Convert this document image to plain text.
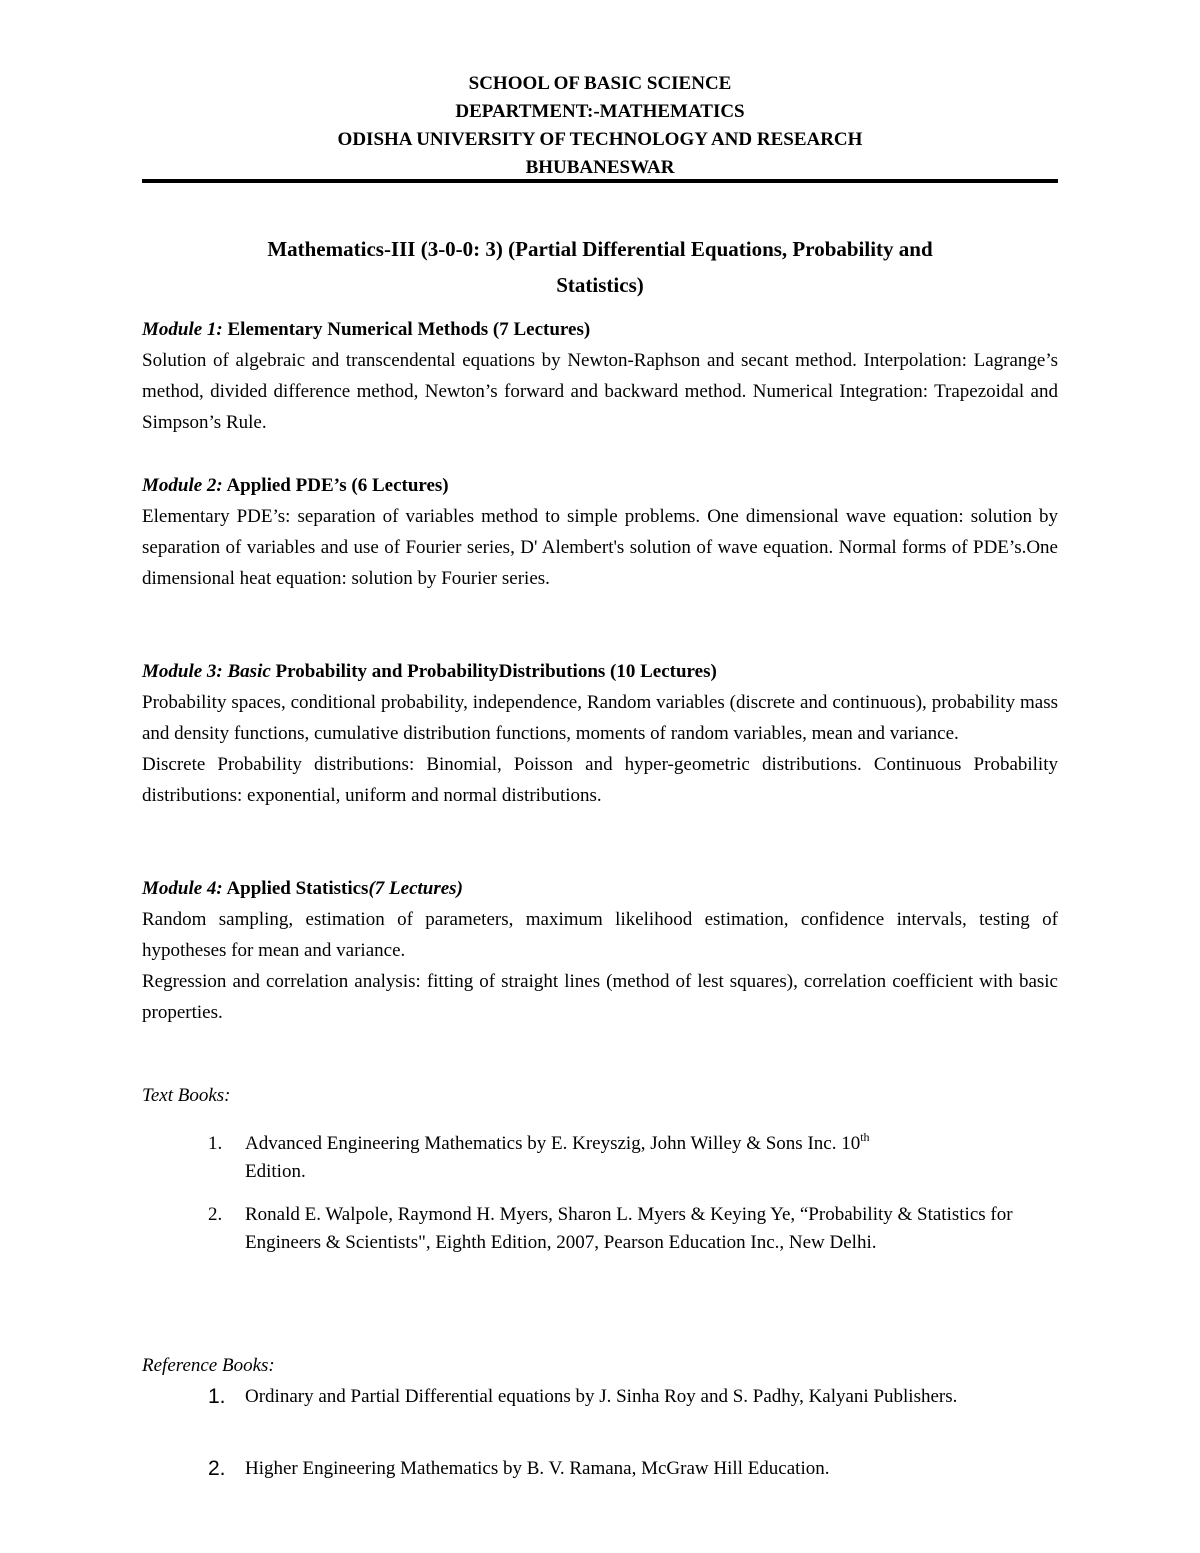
SCHOOL OF BASIC SCIENCE
DEPARTMENT:-MATHEMATICS
ODISHA UNIVERSITY OF TECHNOLOGY AND RESEARCH
BHUBANESWAR
Mathematics-III (3-0-0: 3) (Partial Differential Equations, Probability and
Statistics)
Module 1: Elementary Numerical Methods (7 Lectures)
Solution of algebraic and transcendental equations by Newton-Raphson and secant method. Interpolation: Lagrange’s method, divided difference method, Newton’s forward and backward method. Numerical Integration: Trapezoidal and Simpson’s Rule.
Module 2: Applied PDE’s (6 Lectures)
Elementary PDE’s: separation of variables method to simple problems. One dimensional wave equation: solution by separation of variables and use of Fourier series, D' Alembert's solution of wave equation. Normal forms of PDE’s.One dimensional heat equation: solution by Fourier series.
Module 3: Basic Probability and ProbabilityDistributions (10 Lectures)
Probability spaces, conditional probability, independence, Random variables (discrete and continuous), probability mass and density functions, cumulative distribution functions, moments of random variables, mean and variance.
Discrete Probability distributions: Binomial, Poisson and hyper-geometric distributions. Continuous Probability distributions: exponential, uniform and normal distributions.
Module 4: Applied Statistics(7 Lectures)
Random sampling, estimation of parameters, maximum likelihood estimation, confidence intervals, testing of hypotheses for mean and variance.
Regression and correlation analysis: fitting of straight lines (method of lest squares), correlation coefficient with basic properties.
Text Books:
1.	Advanced Engineering Mathematics by E. Kreyszig, John Willey & Sons Inc. 10th
Edition.
2.	Ronald E. Walpole, Raymond H. Myers, Sharon L. Myers & Keying Ye, “Probability & Statistics for Engineers & Scientists", Eighth Edition, 2007, Pearson Education Inc., New Delhi.
Reference Books:
1.	Ordinary and Partial Differential equations by J. Sinha Roy and S. Padhy, Kalyani Publishers.
2.	Higher Engineering Mathematics by B. V. Ramana, McGraw Hill Education.
